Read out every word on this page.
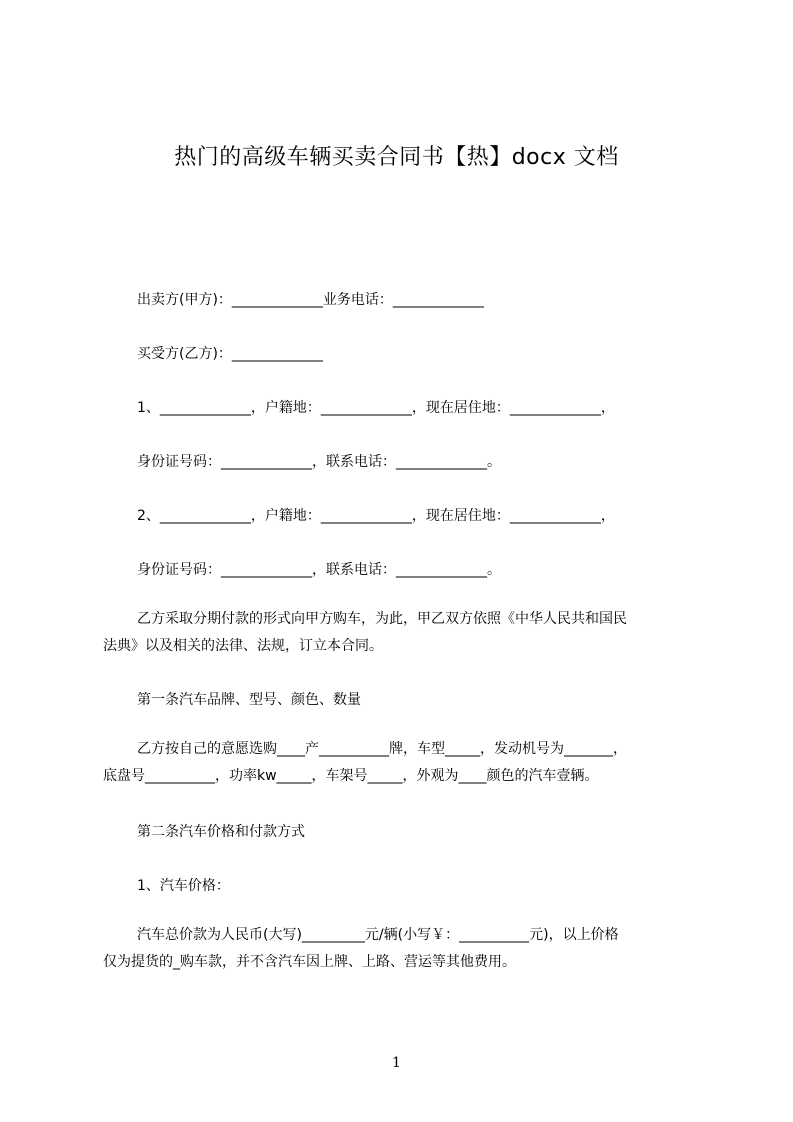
热门的高级车辆买卖合同书【热】docx 文档

出卖方(甲方)：_____________业务电话：_____________

买受方(乙方)：_____________

1、_____________，户籍地：_____________，现在居住地：_____________，

身份证号码：_____________，联系电话：_____________。

2、_____________，户籍地：_____________，现在居住地：_____________，

身份证号码：_____________，联系电话：_____________。

乙方采取分期付款的形式向甲方购车，为此，甲乙双方依照《中华人民共和国民
法典》以及相关的法律、法规，订立本合同。

第一条汽车品牌、型号、颜色、数量

乙方按自己的意愿选购____产__________牌，车型_____，发动机号为_______，
底盘号__________，功率kw_____，车架号_____，外观为____颜色的汽车壹辆。

第二条汽车价格和付款方式

1、汽车价格：

汽车总价款为人民币(大写)_________元/辆(小写￥：__________元)，以上价格
仅为提货的_购车款，并不含汽车因上牌、上路、营运等其他费用。
1
